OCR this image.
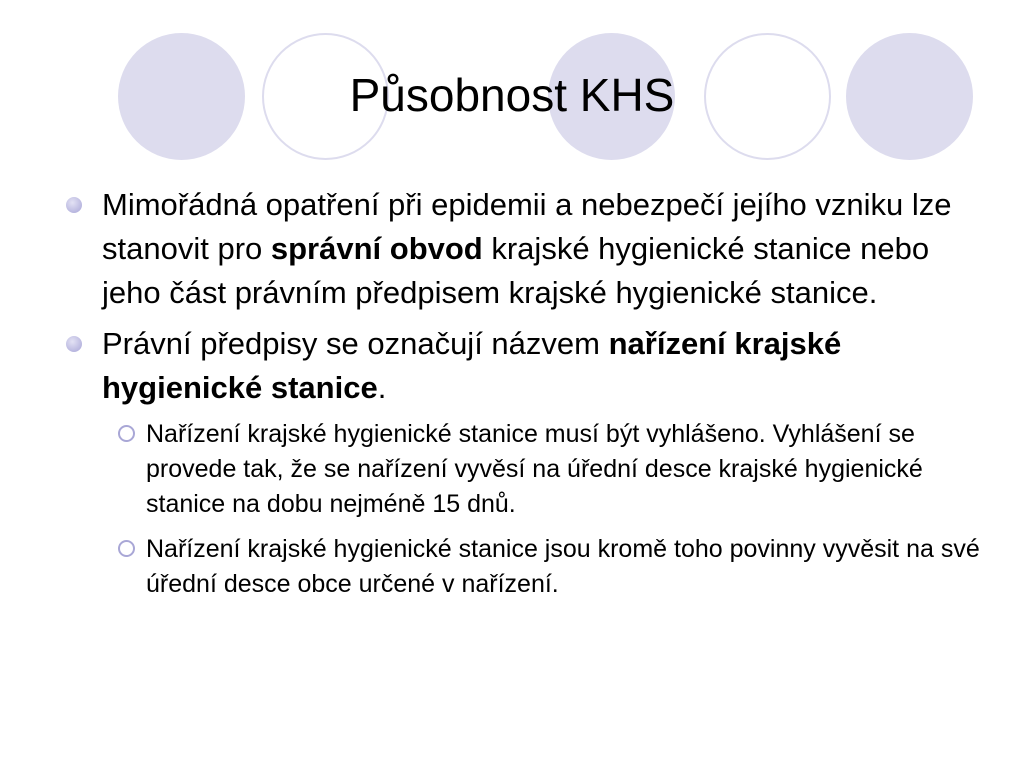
Působnost KHS

Mimořádná opatření při epidemii a nebezpečí jejího vzniku lze stanovit pro správní obvod krajské hygienické stanice nebo jeho část právním předpisem krajské hygienické stanice.

Právní předpisy se označují názvem nařízení krajské hygienické stanice.

Nařízení krajské hygienické stanice musí být vyhlášeno. Vyhlášení se provede tak, že se nařízení vyvěsí na úřední desce krajské hygienické stanice na dobu nejméně 15 dnů.

Nařízení krajské hygienické stanice jsou kromě toho povinny vyvěsit na své úřední desce obce určené v nařízení.
